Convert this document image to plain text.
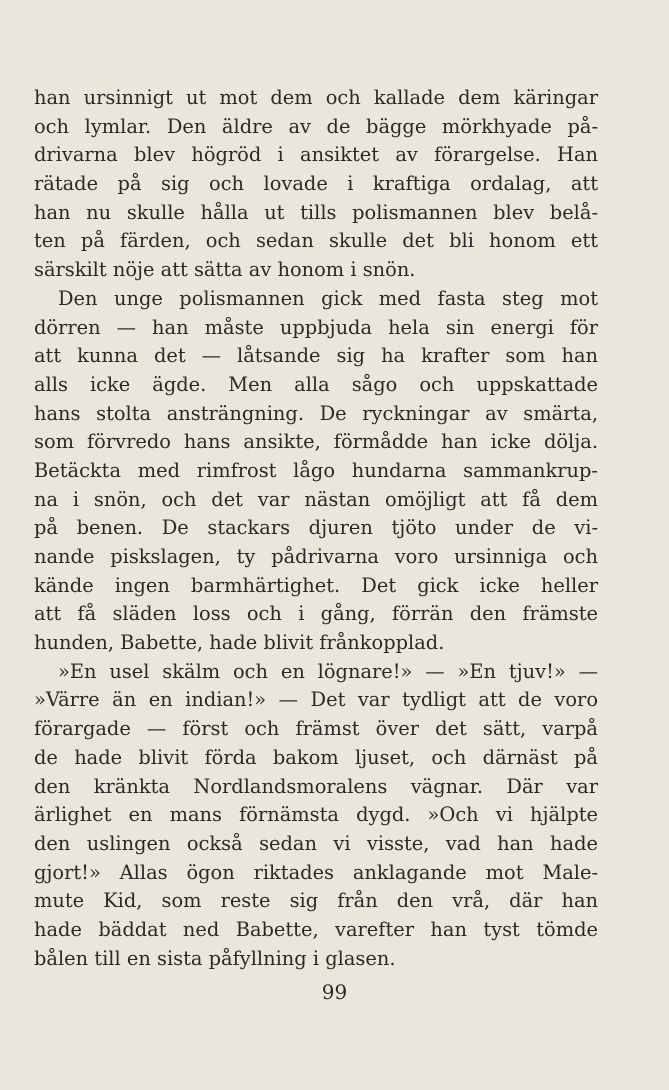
han ursinnigt ut mot dem och kallade dem käringar
och lymlar. Den äldre av de bägge mörkhyade på-
drivarna blev högröd i ansiktet av förargelse. Han
rätade på sig och lovade i kraftiga ordalag, att
han nu skulle hålla ut tills polismannen blev belå-
ten på färden, och sedan skulle det bli honom ett
särskilt nöje att sätta av honom i snön.
Den unge polismannen gick med fasta steg mot
dörren — han måste uppbjuda hela sin energi för
att kunna det — låtsande sig ha krafter som han
alls icke ägde. Men alla sågo och uppskattade
hans stolta ansträngning. De ryckningar av smärta,
som förvredo hans ansikte, förmådde han icke dölja.
Betäckta med rimfrost lågo hundarna sammankrup-
na i snön, och det var nästan omöjligt att få dem
på benen. De stackars djuren tjöto under de vi-
nande piskslagen, ty pådrivarna voro ursinniga och
kände ingen barmhärtighet. Det gick icke heller
att få släden loss och i gång, förrän den främste
hunden, Babette, hade blivit frånkopplad.
»En usel skälm och en lögnare!» — »En tjuv!» —
»Värre än en indian!» — Det var tydligt att de voro
förargade — först och främst över det sätt, varpå
de hade blivit förda bakom ljuset, och därnäst på
den kränkta Nordlandsmoralens vägnar. Där var
ärlighet en mans förnämsta dygd. »Och vi hjälpte
den uslingen också sedan vi visste, vad han hade
gjort!» Allas ögon riktades anklagande mot Male-
mute Kid, som reste sig från den vrå, där han
hade bäddat ned Babette, varefter han tyst tömde
bålen till en sista påfyllning i glasen.
99
